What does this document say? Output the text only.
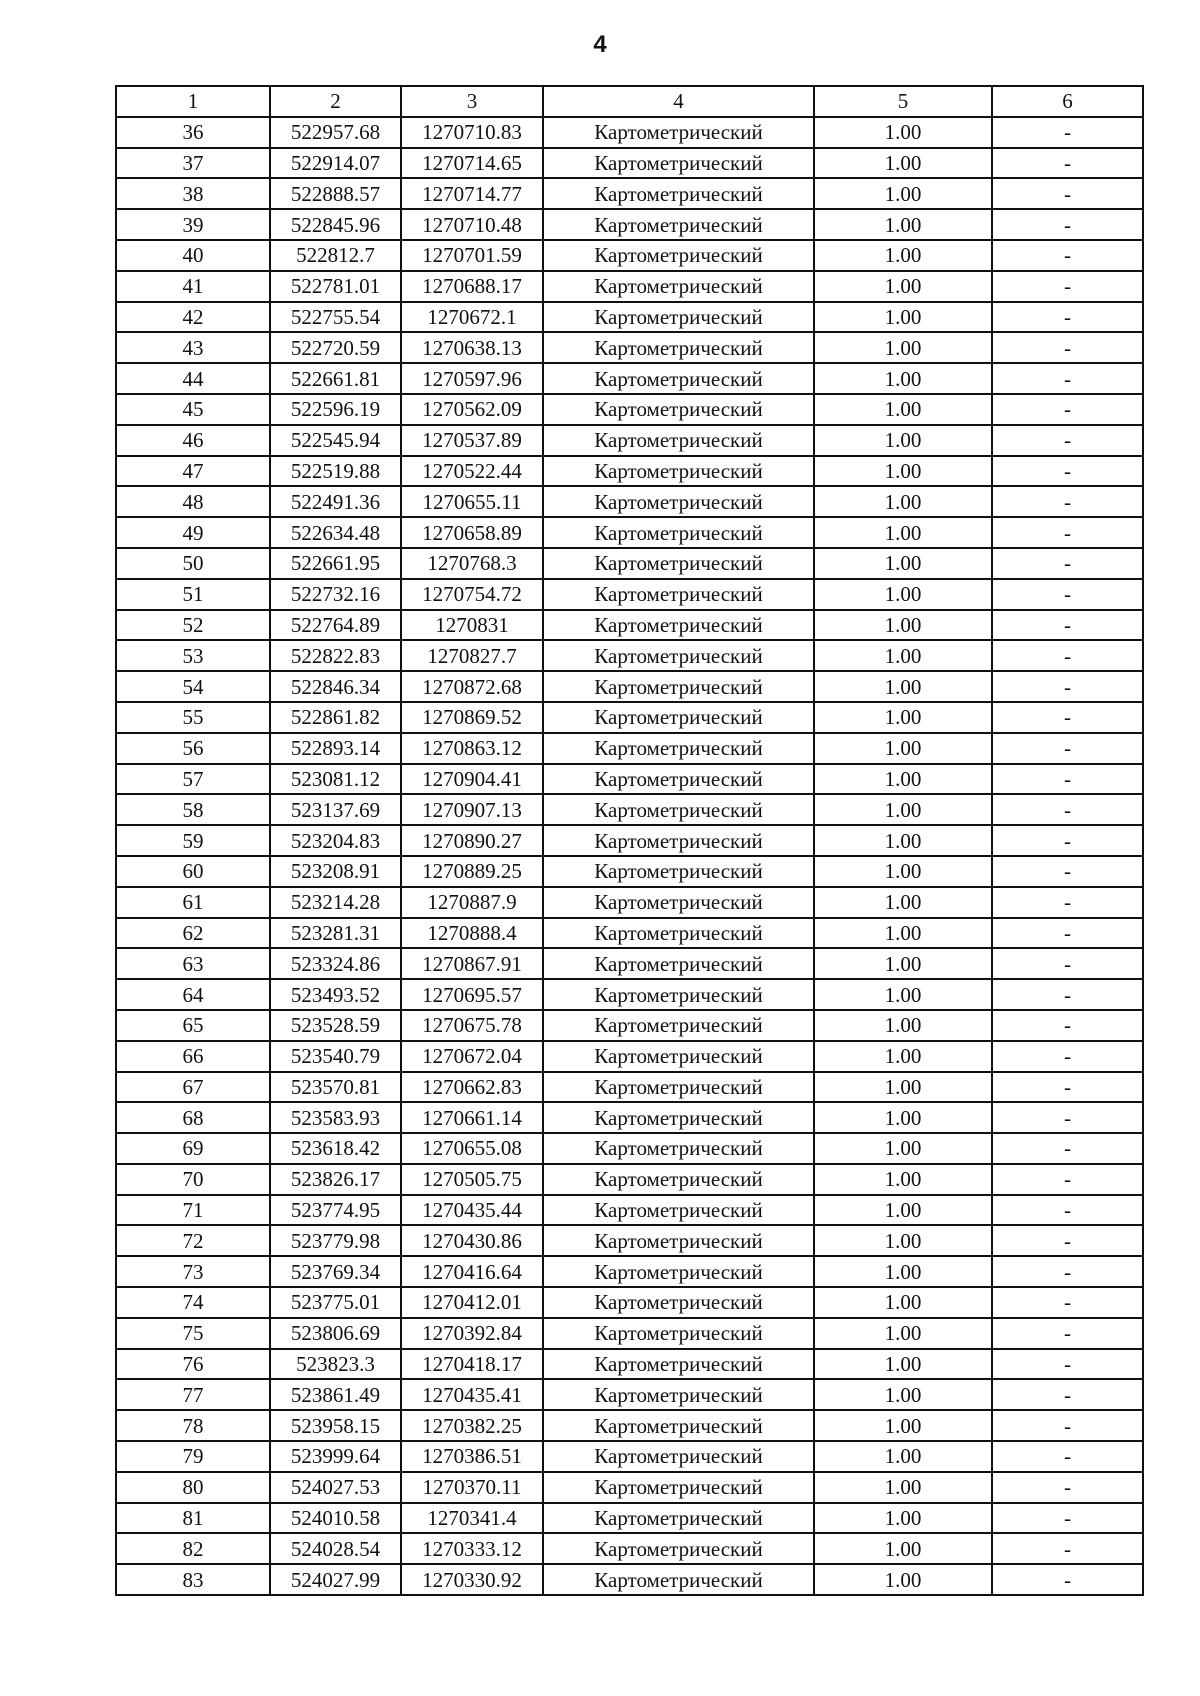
4
1	2	3	4	5	6
36	522957.68	1270710.83	Картометрический	1.00	-
37	522914.07	1270714.65	Картометрический	1.00	-
38	522888.57	1270714.77	Картометрический	1.00	-
39	522845.96	1270710.48	Картометрический	1.00	-
40	522812.7	1270701.59	Картометрический	1.00	-
41	522781.01	1270688.17	Картометрический	1.00	-
42	522755.54	1270672.1	Картометрический	1.00	-
43	522720.59	1270638.13	Картометрический	1.00	-
44	522661.81	1270597.96	Картометрический	1.00	-
45	522596.19	1270562.09	Картометрический	1.00	-
46	522545.94	1270537.89	Картометрический	1.00	-
47	522519.88	1270522.44	Картометрический	1.00	-
48	522491.36	1270655.11	Картометрический	1.00	-
49	522634.48	1270658.89	Картометрический	1.00	-
50	522661.95	1270768.3	Картометрический	1.00	-
51	522732.16	1270754.72	Картометрический	1.00	-
52	522764.89	1270831	Картометрический	1.00	-
53	522822.83	1270827.7	Картометрический	1.00	-
54	522846.34	1270872.68	Картометрический	1.00	-
55	522861.82	1270869.52	Картометрический	1.00	-
56	522893.14	1270863.12	Картометрический	1.00	-
57	523081.12	1270904.41	Картометрический	1.00	-
58	523137.69	1270907.13	Картометрический	1.00	-
59	523204.83	1270890.27	Картометрический	1.00	-
60	523208.91	1270889.25	Картометрический	1.00	-
61	523214.28	1270887.9	Картометрический	1.00	-
62	523281.31	1270888.4	Картометрический	1.00	-
63	523324.86	1270867.91	Картометрический	1.00	-
64	523493.52	1270695.57	Картометрический	1.00	-
65	523528.59	1270675.78	Картометрический	1.00	-
66	523540.79	1270672.04	Картометрический	1.00	-
67	523570.81	1270662.83	Картометрический	1.00	-
68	523583.93	1270661.14	Картометрический	1.00	-
69	523618.42	1270655.08	Картометрический	1.00	-
70	523826.17	1270505.75	Картометрический	1.00	-
71	523774.95	1270435.44	Картометрический	1.00	-
72	523779.98	1270430.86	Картометрический	1.00	-
73	523769.34	1270416.64	Картометрический	1.00	-
74	523775.01	1270412.01	Картометрический	1.00	-
75	523806.69	1270392.84	Картометрический	1.00	-
76	523823.3	1270418.17	Картометрический	1.00	-
77	523861.49	1270435.41	Картометрический	1.00	-
78	523958.15	1270382.25	Картометрический	1.00	-
79	523999.64	1270386.51	Картометрический	1.00	-
80	524027.53	1270370.11	Картометрический	1.00	-
81	524010.58	1270341.4	Картометрический	1.00	-
82	524028.54	1270333.12	Картометрический	1.00	-
83	524027.99	1270330.92	Картометрический	1.00	-
